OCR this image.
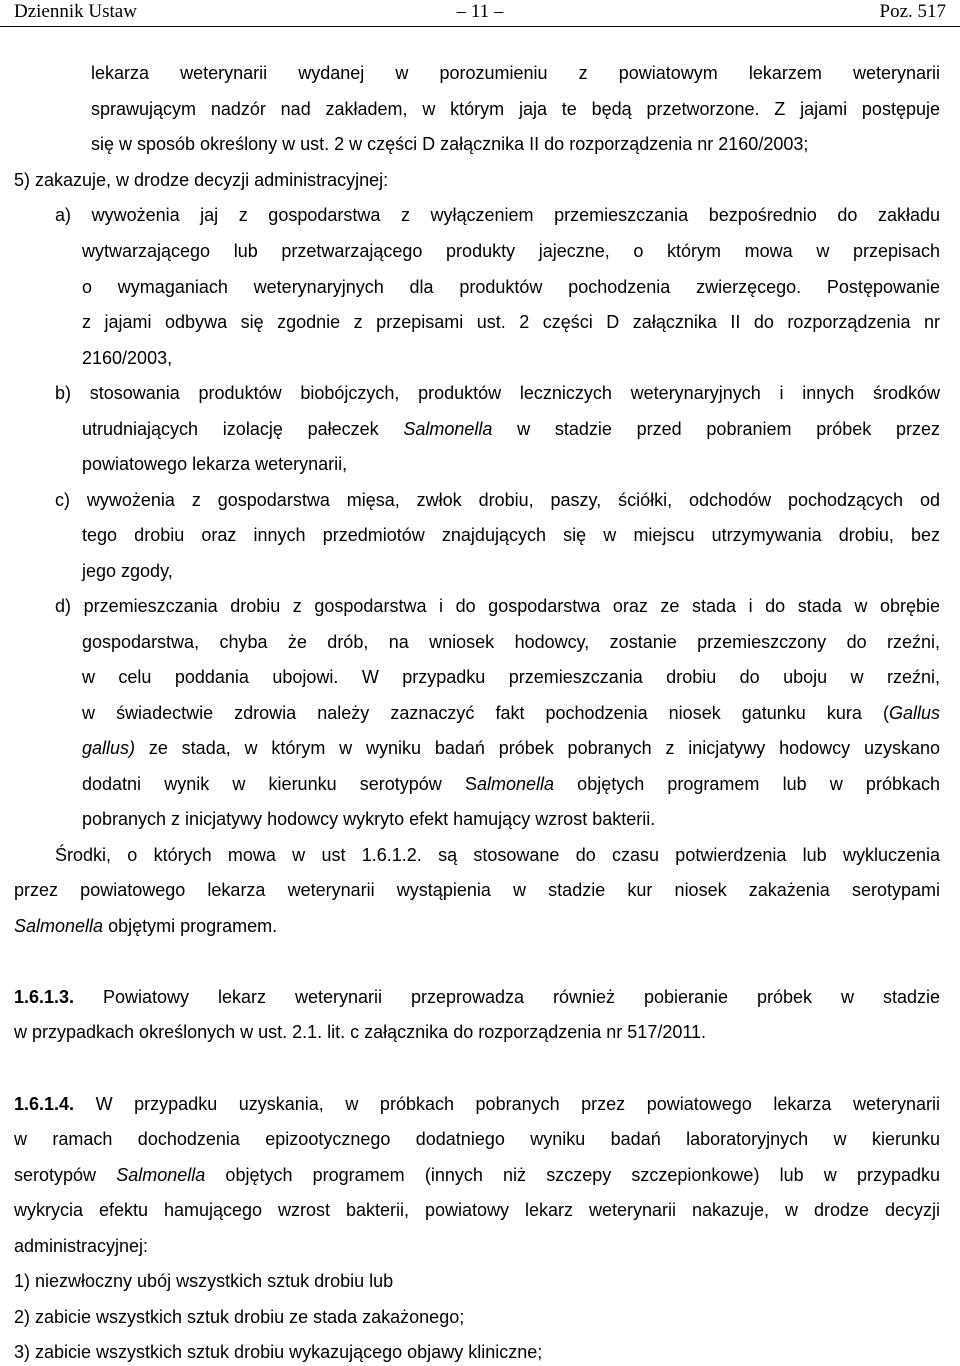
Dziennik Ustaw	– 11 –	Poz. 517
lekarza weterynarii wydanej w porozumieniu z powiatowym lekarzem weterynarii
sprawującym nadzór nad zakładem, w którym jaja te będą przetworzone. Z jajami postępuje
się w sposób określony w ust. 2 w części D załącznika II do rozporządzenia nr 2160/2003;
5) zakazuje, w drodze decyzji administracyjnej:
a) wywożenia jaj z gospodarstwa z wyłączeniem przemieszczania bezpośrednio do zakładu
wytwarzającego lub przetwarzającego produkty jajeczne, o którym mowa w przepisach
o wymaganiach weterynaryjnych dla produktów pochodzenia zwierzęcego. Postępowanie
z jajami odbywa się zgodnie z przepisami ust. 2 części D załącznika II do rozporządzenia nr
2160/2003,
b) stosowania produktów biobójczych, produktów leczniczych weterynaryjnych i innych środków
utrudniających izolację pałeczek Salmonella w stadzie przed pobraniem próbek przez
powiatowego lekarza weterynarii,
c) wywożenia z gospodarstwa mięsa, zwłok drobiu, paszy, ściółki, odchodów pochodzących od
tego drobiu oraz innych przedmiotów znajdujących się w miejscu utrzymywania drobiu, bez
jego zgody,
d) przemieszczania drobiu z gospodarstwa i do gospodarstwa oraz ze stada i do stada w obrębie
gospodarstwa, chyba że drób, na wniosek hodowcy, zostanie przemieszczony do rzeźni,
w celu poddania ubojowi. W przypadku przemieszczania drobiu do uboju w rzeźni,
w świadectwie zdrowia należy zaznaczyć fakt pochodzenia niosek gatunku kura (Gallus
gallus) ze stada, w którym w wyniku badań próbek pobranych z inicjatywy hodowcy uzyskano
dodatni wynik w kierunku serotypów Salmonella objętych programem lub w próbkach
pobranych z inicjatywy hodowcy wykryto efekt hamujący wzrost bakterii.
Środki, o których mowa w ust 1.6.1.2. są stosowane do czasu potwierdzenia lub wykluczenia
przez powiatowego lekarza weterynarii wystąpienia w stadzie kur niosek zakażenia serotypami
Salmonella objętymi programem.
1.6.1.3. Powiatowy lekarz weterynarii przeprowadza również pobieranie próbek w stadzie
w przypadkach określonych w ust. 2.1. lit. c załącznika do rozporządzenia nr 517/2011.
1.6.1.4. W przypadku uzyskania, w próbkach pobranych przez powiatowego lekarza weterynarii
w ramach dochodzenia epizootycznego dodatniego wyniku badań laboratoryjnych w kierunku
serotypów Salmonella objętych programem (innych niż szczepy szczepionkowe) lub w przypadku
wykrycia efektu hamującego wzrost bakterii, powiatowy lekarz weterynarii nakazuje, w drodze decyzji
administracyjnej:
1) niezwłoczny ubój wszystkich sztuk drobiu lub
2) zabicie wszystkich sztuk drobiu ze stada zakażonego;
3) zabicie wszystkich sztuk drobiu wykazującego objawy kliniczne;
